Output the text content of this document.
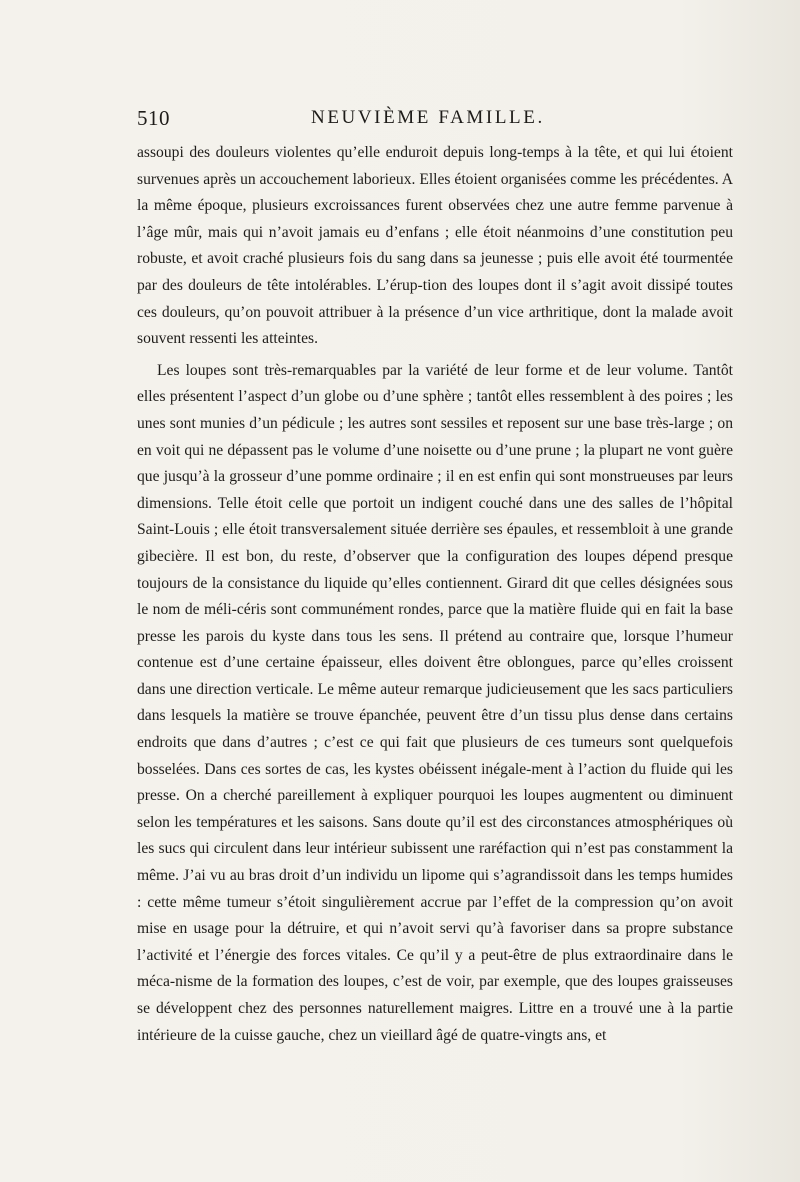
510	NEUVIÈME FAMILLE.

assoupi des douleurs violentes qu’elle enduroit depuis long-temps à la tête, et qui lui étoient survenues après un accouchement laborieux. Elles étoient organisées comme les précédentes. A la même époque, plusieurs excroissances furent observées chez une autre femme parvenue à l’âge mûr, mais qui n’avoit jamais eu d’enfans ; elle étoit néanmoins d’une constitution peu robuste, et avoit craché plusieurs fois du sang dans sa jeunesse ; puis elle avoit été tourmentée par des douleurs de tête intolérables. L’érup-tion des loupes dont il s’agit avoit dissipé toutes ces douleurs, qu’on pouvoit attribuer à la présence d’un vice arthritique, dont la malade avoit souvent ressenti les atteintes.

Les loupes sont très-remarquables par la variété de leur forme et de leur volume. Tantôt elles présentent l’aspect d’un globe ou d’une sphère ; tantôt elles ressemblent à des poires ; les unes sont munies d’un pédicule ; les autres sont sessiles et reposent sur une base très-large ; on en voit qui ne dépassent pas le volume d’une noisette ou d’une prune ; la plupart ne vont guère que jusqu’à la grosseur d’une pomme ordinaire ; il en est enfin qui sont monstrueuses par leurs dimensions. Telle étoit celle que portoit un indigent couché dans une des salles de l’hôpital Saint-Louis ; elle étoit transversalement située derrière ses épaules, et ressembloit à une grande gibecière. Il est bon, du reste, d’observer que la configuration des loupes dépend presque toujours de la consistance du liquide qu’elles contiennent. Girard dit que celles désignées sous le nom de méli-céris sont communément rondes, parce que la matière fluide qui en fait la base presse les parois du kyste dans tous les sens. Il prétend au contraire que, lorsque l’humeur contenue est d’une certaine épaisseur, elles doivent être oblongues, parce qu’elles croissent dans une direction verticale. Le même auteur remarque judicieusement que les sacs particuliers dans lesquels la matière se trouve épanchée, peuvent être d’un tissu plus dense dans certains endroits que dans d’autres ; c’est ce qui fait que plusieurs de ces tumeurs sont quelquefois bosselées. Dans ces sortes de cas, les kystes obéissent inégale-ment à l’action du fluide qui les presse. On a cherché pareillement à expliquer pourquoi les loupes augmentent ou diminuent selon les températures et les saisons. Sans doute qu’il est des circonstances atmosphériques où les sucs qui circulent dans leur intérieur subissent une raréfaction qui n’est pas constamment la même. J’ai vu au bras droit d’un individu un lipome qui s’agrandissoit dans les temps humides : cette même tumeur s’étoit singulièrement accrue par l’effet de la compression qu’on avoit mise en usage pour la détruire, et qui n’avoit servi qu’à favoriser dans sa propre substance l’activité et l’énergie des forces vitales. Ce qu’il y a peut-être de plus extraordinaire dans le méca-nisme de la formation des loupes, c’est de voir, par exemple, que des loupes graisseuses se développent chez des personnes naturellement maigres. Littre en a trouvé une à la partie intérieure de la cuisse gauche, chez un vieillard âgé de quatre-vingts ans, et
